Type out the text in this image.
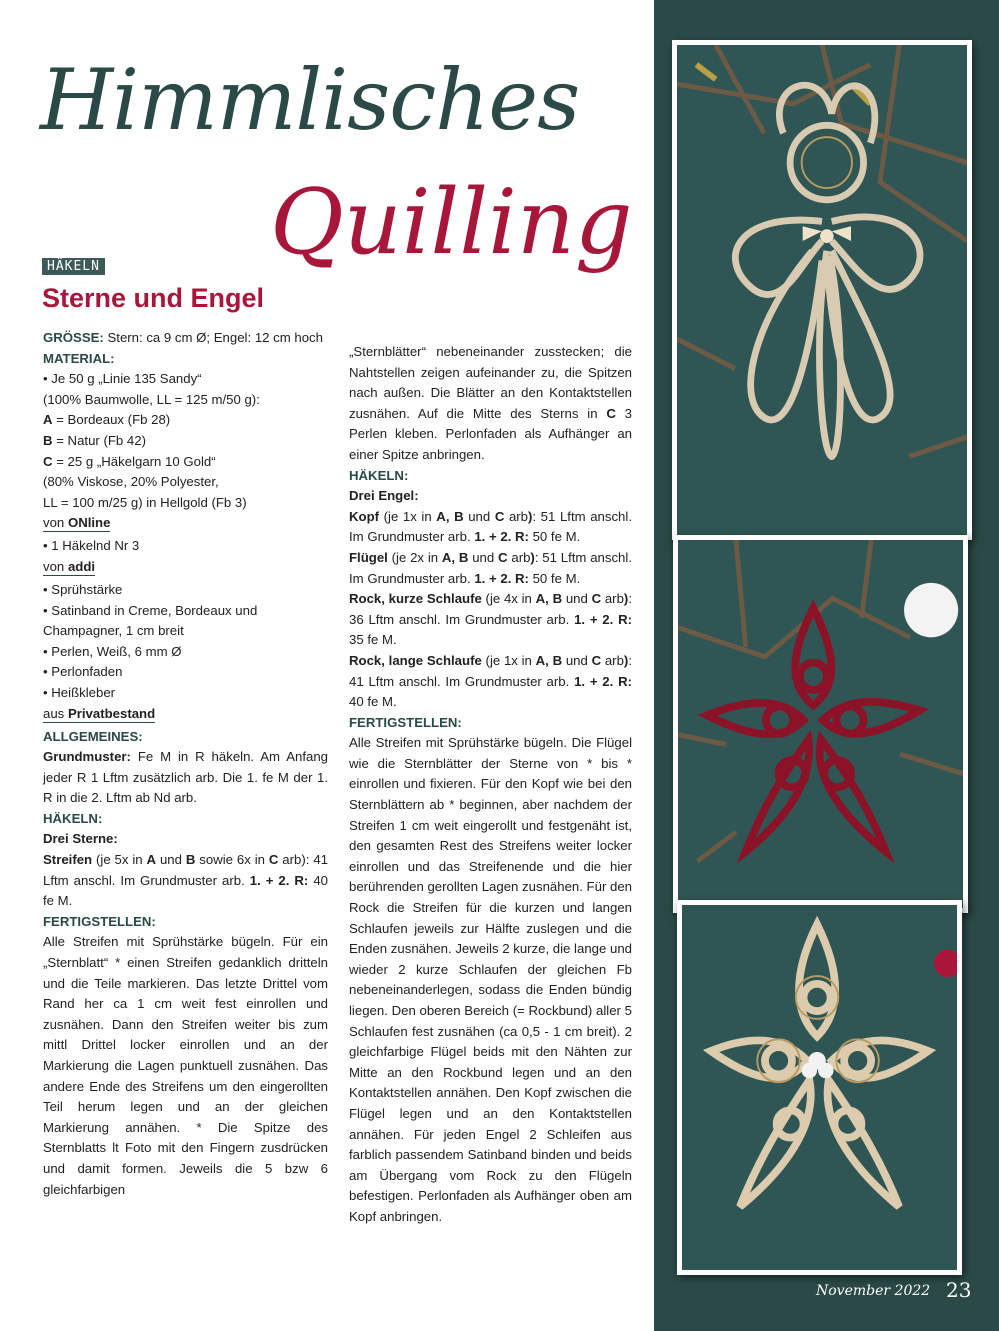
Himmlisches
Quilling
HÄKELN
Sterne und Engel

GRÖSSE: Stern: ca 9 cm Ø; Engel: 12 cm hoch

MATERIAL:

• Je 50 g „Linie 135 Sandy“

(100% Baumwolle, LL = 125 m/50 g):

A = Bordeaux (Fb 28)

B = Natur (Fb 42)

C = 25 g „Häkelgarn 10 Gold“

(80% Viskose, 20% Polyester,

LL = 100 m/25 g) in Hellgold (Fb 3)

von ONline

• 1 Häkelnd Nr 3

von addi

• Sprühstärke

• Satinband in Creme, Bordeaux und

Champagner, 1 cm breit

• Perlen, Weiß, 6 mm Ø

• Perlonfaden

• Heißkleber

aus Privatbestand

ALLGEMEINES:

Grundmuster: Fe M in R häkeln. Am Anfang jeder R 1 Lftm zusätzlich arb. Die 1. fe M der 1. R in die 2. Lftm ab Nd arb.

HÄKELN:

Drei Sterne:

Streifen (je 5x in A und B sowie 6x in C arb): 41 Lftm anschl. Im Grundmuster arb. 1. + 2. R: 40 fe M.

FERTIGSTELLEN:

Alle Streifen mit Sprühstärke bügeln. Für ein „Sternblatt“ * einen Streifen gedanklich dritteln und die Teile markieren. Das letzte Drittel vom Rand her ca 1 cm weit fest einrollen und zusnähen. Dann den Streifen weiter bis zum mittl Drittel locker einrollen und an der Markierung die Lagen punktuell zusnähen. Das andere Ende des Streifens um den eingerollten Teil herum legen und an der gleichen Markierung annähen. * Die Spitze des Sternblatts lt Foto mit den Fingern zusdrücken und damit formen. Jeweils die 5 bzw 6 gleichfarbigen

„Sternblätter“ nebeneinander zusstecken; die Nahtstellen zeigen aufeinander zu, die Spitzen nach außen. Die Blätter an den Kontaktstellen zusnähen. Auf die Mitte des Sterns in C 3 Perlen kleben. Perlonfaden als Aufhänger an einer Spitze anbringen.

HÄKELN:

Drei Engel:

Kopf (je 1x in A, B und C arb): 51 Lftm anschl. Im Grundmuster arb. 1. + 2. R: 50 fe M.

Flügel (je 2x in A, B und C arb): 51 Lftm anschl. Im Grundmuster arb. 1. + 2. R: 50 fe M.

Rock, kurze Schlaufe (je 4x in A, B und C arb): 36 Lftm anschl. Im Grundmuster arb. 1. + 2. R: 35 fe M.

Rock, lange Schlaufe (je 1x in A, B und C arb): 41 Lftm anschl. Im Grundmuster arb. 1. + 2. R: 40 fe M.

FERTIGSTELLEN:

Alle Streifen mit Sprühstärke bügeln. Die Flügel wie die Sternblätter der Sterne von * bis * einrollen und fixieren. Für den Kopf wie bei den Sternblättern ab * beginnen, aber nachdem der Streifen 1 cm weit eingerollt und festgenäht ist, den gesamten Rest des Streifens weiter locker einrollen und das Streifenende und die hier berührenden gerollten Lagen zusnähen. Für den Rock die Streifen für die kurzen und langen Schlaufen jeweils zur Hälfte zuslegen und die Enden zusnähen. Jeweils 2 kurze, die lange und wieder 2 kurze Schlaufen der gleichen Fb nebeneinanderlegen, sodass die Enden bündig liegen. Den oberen Bereich (= Rockbund) aller 5 Schlaufen fest zusnähen (ca 0,5 - 1 cm breit). 2 gleichfarbige Flügel beids mit den Nähten zur Mitte an den Rockbund legen und an den Kontaktstellen annähen. Den Kopf zwischen die Flügel legen und an den Kontaktstellen annähen. Für jeden Engel 2 Schleifen aus farblich passendem Satinband binden und beids am Übergang vom Rock zu den Flügeln befestigen. Perlonfaden als Aufhänger oben am Kopf anbringen.

November 2022 23
